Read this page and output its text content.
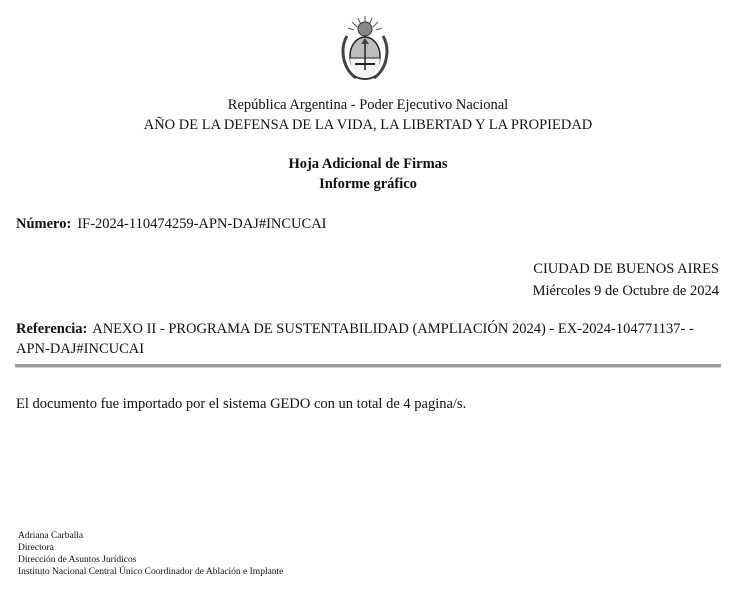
República Argentina - Poder Ejecutivo Nacional
AÑO DE LA DEFENSA DE LA VIDA, LA LIBERTAD Y LA PROPIEDAD
Hoja Adicional de Firmas
Informe gráfico
Número: IF-2024-110474259-APN-DAJ#INCUCAI
CIUDAD DE BUENOS AIRES
Miércoles 9 de Octubre de 2024
Referencia: ANEXO II - PROGRAMA DE SUSTENTABILIDAD (AMPLIACIÓN 2024) - EX-2024-104771137- -APN-DAJ#INCUCAI
El documento fue importado por el sistema GEDO con un total de 4 pagina/s.
Adriana Carballa
Directora
Dirección de Asuntos Jurídicos
Instituto Nacional Central Único Coordinador de Ablación e Implante
